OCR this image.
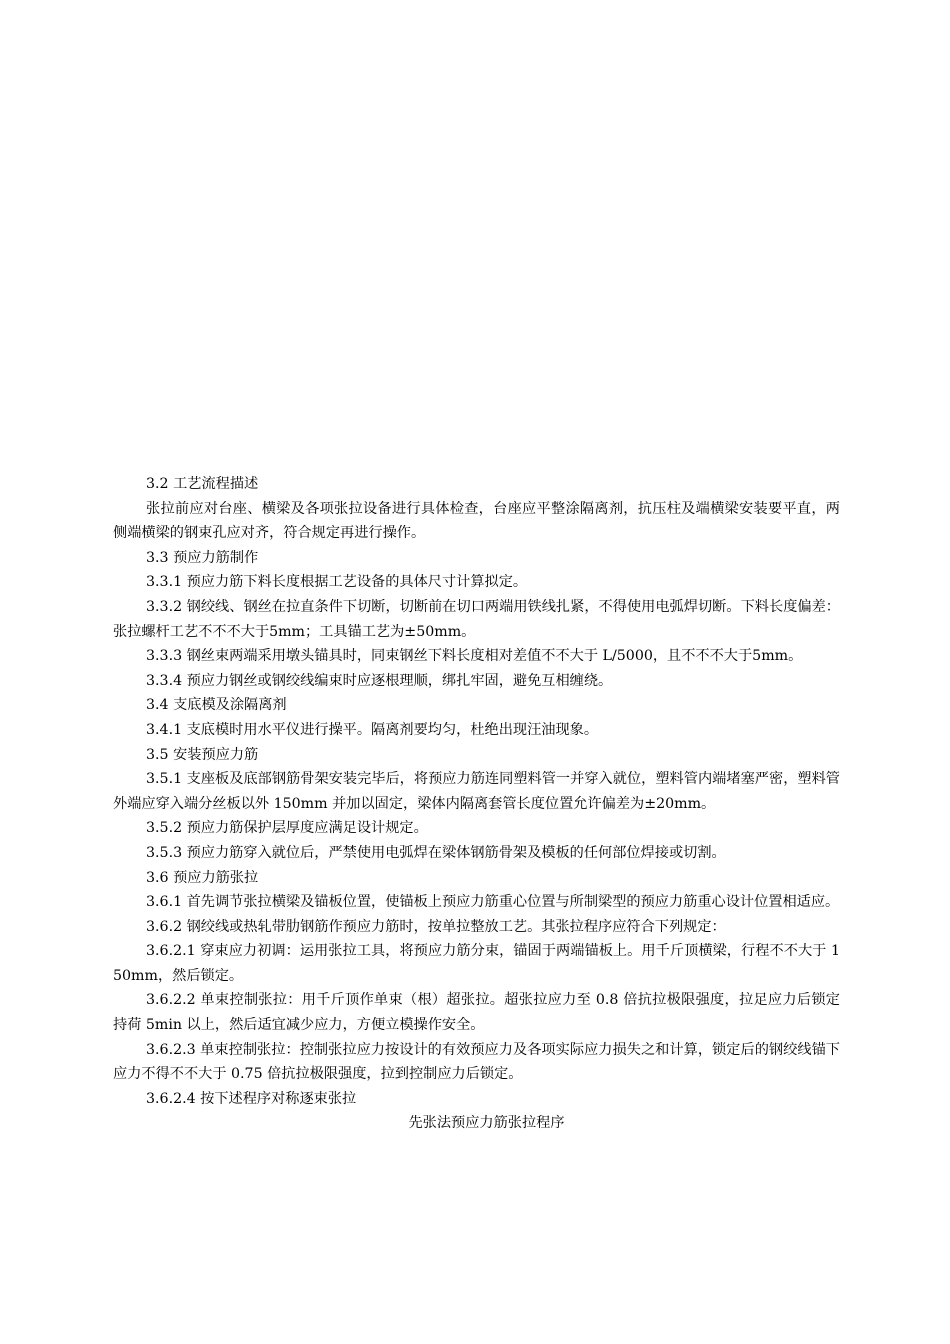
3.2 工艺流程描述

张拉前应对台座、横梁及各项张拉设备进行具体检查，台座应平整涂隔离剂，抗压柱及端横梁安装要平直，两侧端横梁的钢束孔应对齐，符合规定再进行操作。

3.3 预应力筋制作

3.3.1 预应力筋下料长度根据工艺设备的具体尺寸计算拟定。

3.3.2 钢绞线、钢丝在拉直条件下切断，切断前在切口两端用铁线扎紧，不得使用电弧焊切断。下料长度偏差：张拉螺杆工艺不不不大于5mm；工具锚工艺为±50mm。

3.3.3 钢丝束两端采用墩头锚具时，同束钢丝下料长度相对差值不不大于 L/5000，且不不不大于5mm。

3.3.4 预应力钢丝或钢绞线编束时应逐根理顺，绑扎牢固，避免互相缠绕。

3.4 支底模及涂隔离剂

3.4.1 支底模时用水平仪进行操平。隔离剂要均匀，杜绝出现汪油现象。

3.5 安装预应力筋

3.5.1 支座板及底部钢筋骨架安装完毕后，将预应力筋连同塑料管一并穿入就位，塑料管内端堵塞严密，塑料管外端应穿入端分丝板以外 150mm 并加以固定，梁体内隔离套管长度位置允许偏差为±20mm。

3.5.2 预应力筋保护层厚度应满足设计规定。

3.5.3 预应力筋穿入就位后，严禁使用电弧焊在梁体钢筋骨架及模板的任何部位焊接或切割。

3.6 预应力筋张拉

3.6.1 首先调节张拉横梁及锚板位置，使锚板上预应力筋重心位置与所制梁型的预应力筋重心设计位置相适应。

3.6.2 钢绞线或热轧带肋钢筋作预应力筋时，按单拉整放工艺。其张拉程序应符合下列规定：

3.6.2.1 穿束应力初调：运用张拉工具，将预应力筋分束，锚固于两端锚板上。用千斤顶横梁，行程不不大于 150mm，然后锁定。

3.6.2.2 单束控制张拉：用千斤顶作单束（根）超张拉。超张拉应力至 0.8 倍抗拉极限强度，拉足应力后锁定持荷 5min 以上，然后适宜减少应力，方便立模操作安全。

3.6.2.3 单束控制张拉：控制张拉应力按设计的有效预应力及各项实际应力损失之和计算，锁定后的钢绞线锚下应力不得不不大于 0.75 倍抗拉极限强度，拉到控制应力后锁定。

3.6.2.4 按下述程序对称逐束张拉

先张法预应力筋张拉程序
